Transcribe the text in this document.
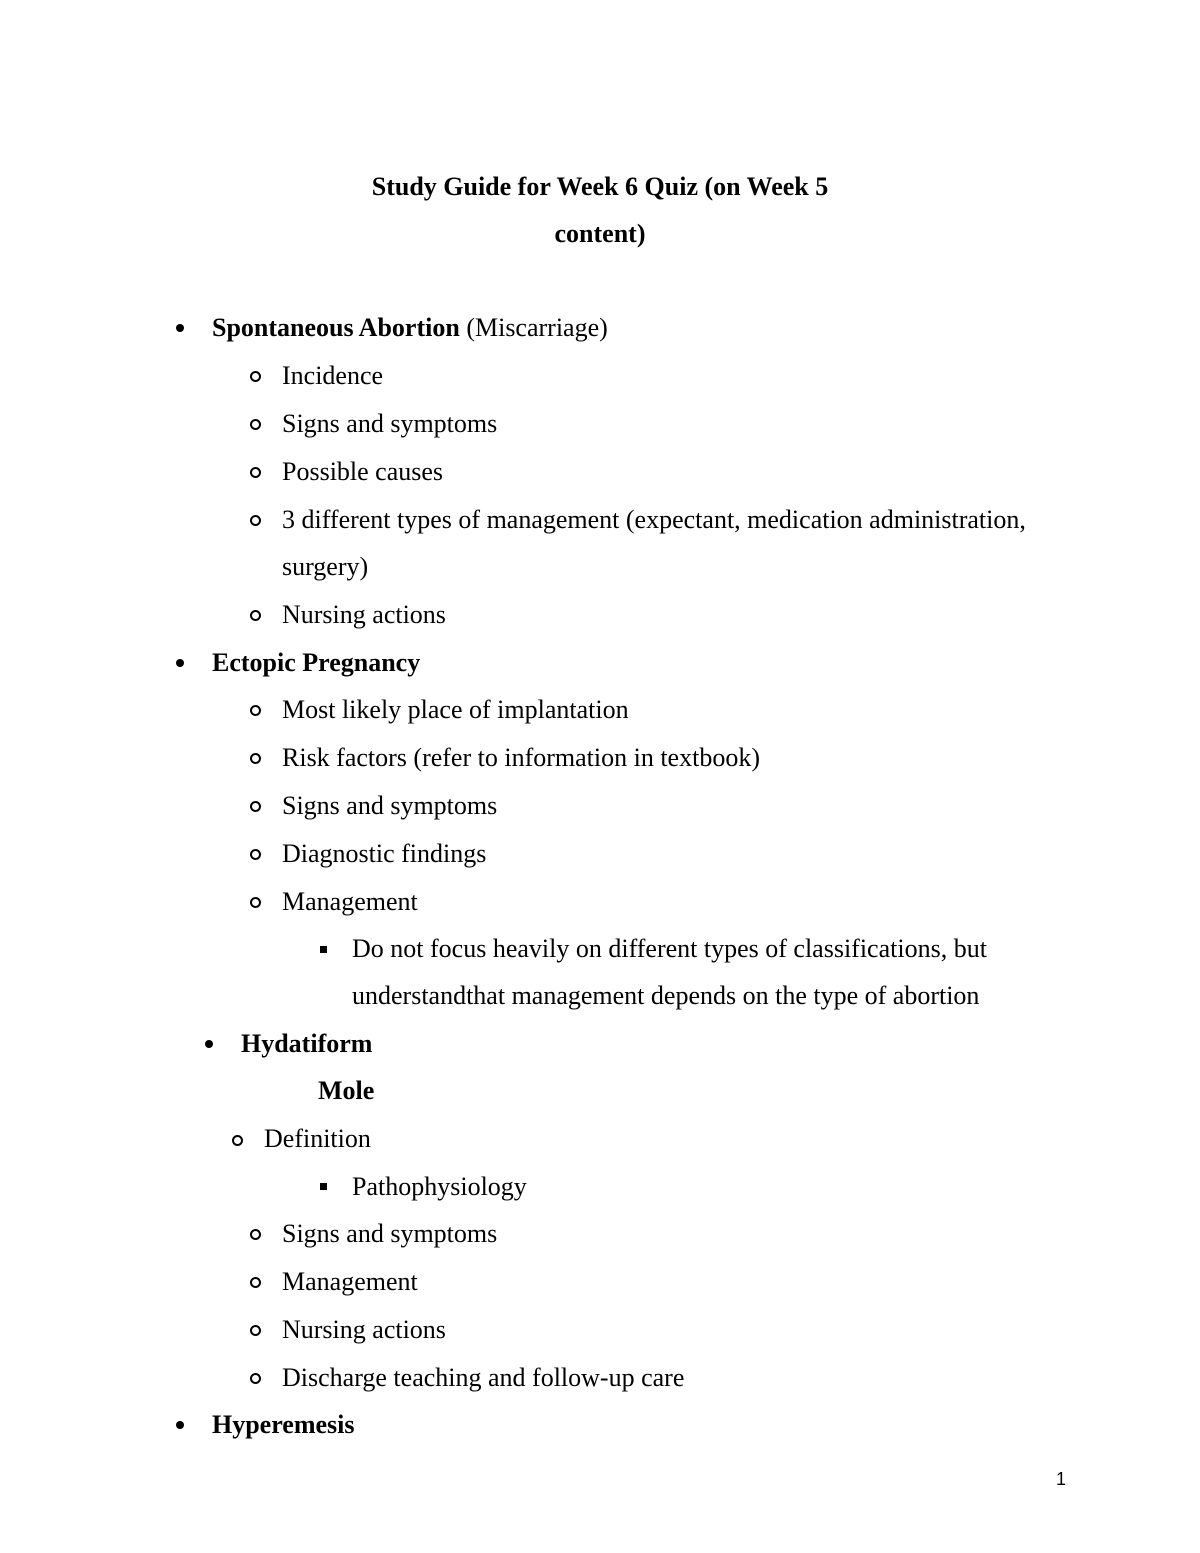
Study Guide for Week 6 Quiz (on Week 5
content)
Spontaneous Abortion (Miscarriage)
Incidence
Signs and symptoms
Possible causes
3 different types of management (expectant, medication administration,
surgery)
Nursing actions
Ectopic Pregnancy
Most likely place of implantation
Risk factors (refer to information in textbook)
Signs and symptoms
Diagnostic findings
Management
Do not focus heavily on different types of classifications, but
understandthat management depends on the type of abortion
Hydatiform
Mole
Definition
Pathophysiology
Signs and symptoms
Management
Nursing actions
Discharge teaching and follow-up care
Hyperemesis
1
